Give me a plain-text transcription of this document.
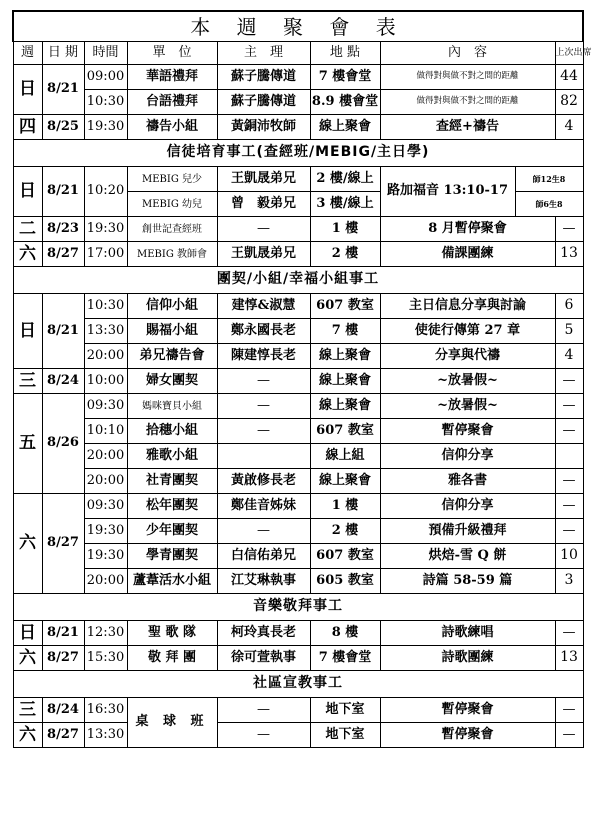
本 週 聚 會 表								
週	日 期	時間	單　位	主　理	地 點	內　容		上次出席
日	8/21	09:00	華語禮拜	蘇子騰傳道	7 樓會堂	做得對與做不對之間的距離		44
		10:30	台語禮拜	蘇子騰傳道	8.9 樓會堂	做得對與做不對之間的距離		82
四	8/25	19:30	禱告小組	黃銅沛牧師	線上聚會	查經+禱告		4
信徒培育事工(查經班/MEBIG/主日學)								
日	8/21	10:20	MEBIG 兒少	王凱晟弟兄	2 樓/線上	路加福音 13:10-17	師12生8	
			MEBIG 幼兒	曾　毅弟兄	3 樓/線上		師6生8	
二	8/23	19:30	創世記查經班	—	1 樓	8 月暫停聚會		—
六	8/27	17:00	MEBIG 教師會	王凱晟弟兄	2 樓	備課團練		13
團契/小組/幸福小組事工								
日	8/21	10:30	信仰小組	建惇&淑慧	607 教室	主日信息分享與討論		6
		13:30	賜福小組	鄭永國長老	7 樓	使徒行傳第 27 章		5
		20:00	弟兄禱告會	陳建惇長老	線上聚會	分享與代禱		4
三	8/24	10:00	婦女團契	—	線上聚會	~放暑假~		—
五	8/26	09:30	媽咪寶貝小組	—	線上聚會	~放暑假~		—
		10:10	拾穗小組	—	607 教室	暫停聚會		—
		20:00	雅歌小組		線上組	信仰分享		
		20:00	社青團契	黃啟修長老	線上聚會	雅各書		—
六	8/27	09:30	松年團契	鄭佳音姊妹	1 樓	信仰分享		—
		19:30	少年團契	—	2 樓	預備升級禮拜		—
		19:30	學青團契	白信佑弟兄	607 教室	烘焙-雪 Q 餅		10
		20:00	蘆葦活水小組	江艾琳執事	605 教室	詩篇 58-59 篇		3
音樂敬拜事工								
日	8/21	12:30	聖 歌 隊	柯玲真長老	8 樓	詩歌練唱		—
六	8/27	15:30	敬 拜 團	徐可萱執事	7 樓會堂	詩歌團練		13
社區宣教事工								
三	8/24	16:30	桌 球 班	—	地下室	暫停聚會		—
六	8/27	13:30		—	地下室	暫停聚會		—
